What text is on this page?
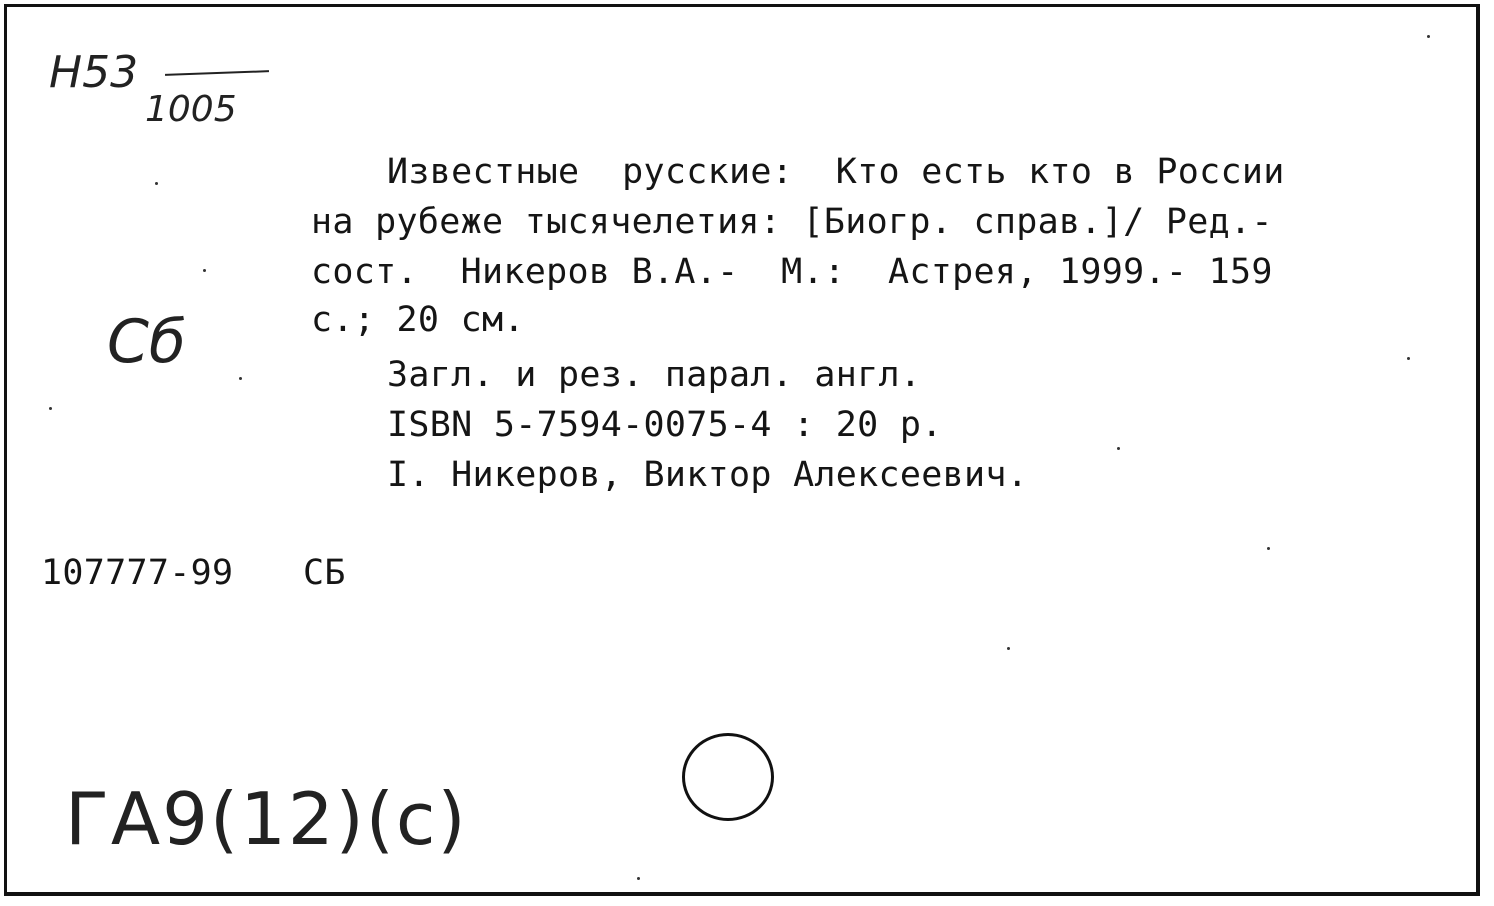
Н53
1005
Сб
Известные  русские:  Кто есть кто в России
на рубеже тысячелетия: [Биогр. справ.]/ Ред.-
сост.  Никеров В.А.-  М.:  Астрея, 1999.- 159
с.; 20 см.
Загл. и рез. парал. англ.
ISBN 5-7594-0075-4 : 20 р.
I. Никеров, Виктор Алексеевич.
107777-99 СБ
ГА9(12)(с)
